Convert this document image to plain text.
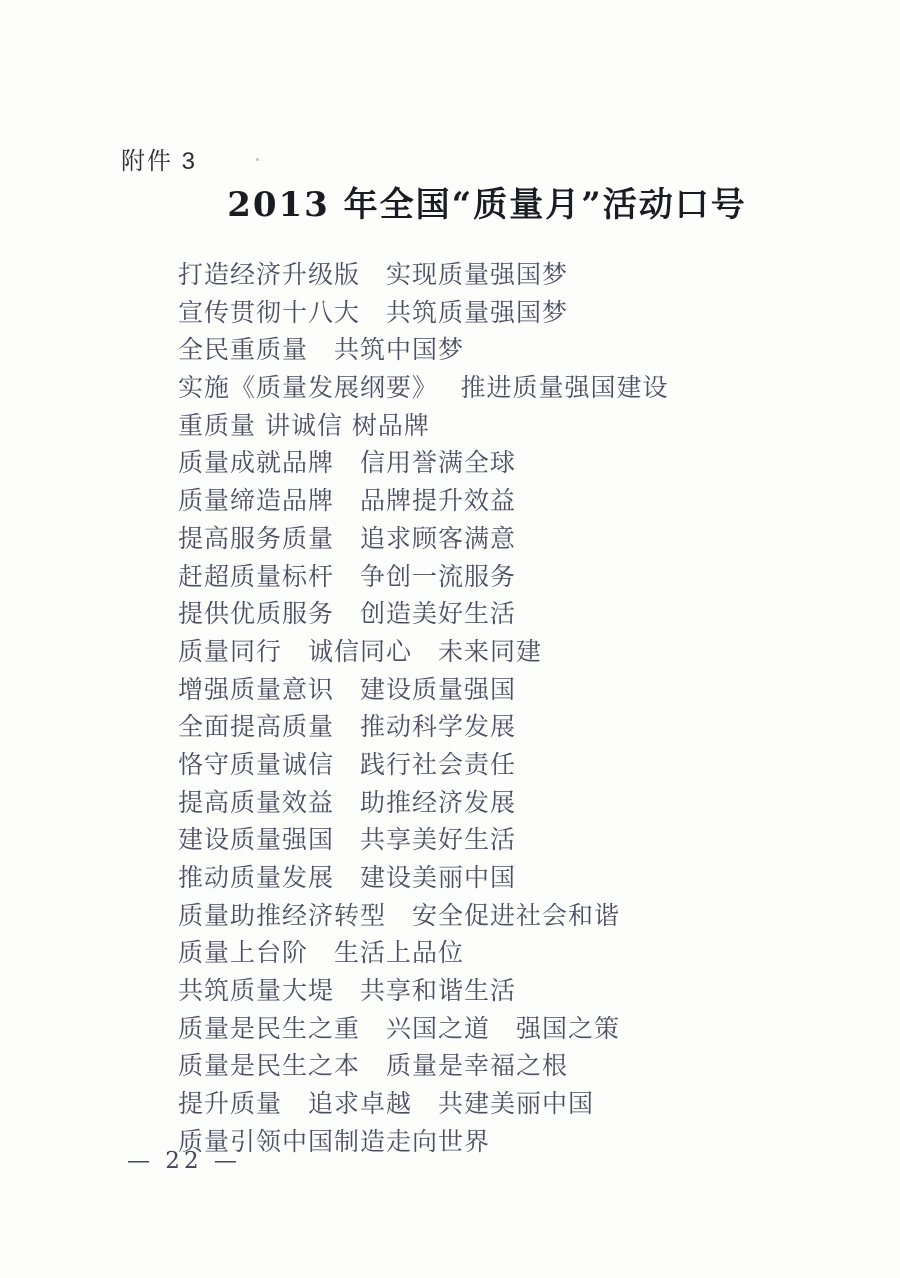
附件 3
2013 年全国“质量月”活动口号
打造经济升级版　实现质量强国梦
宣传贯彻十八大　共筑质量强国梦
全民重质量　共筑中国梦
实施《质量发展纲要》　 推进质量强国建设
重质量 讲诚信 树品牌
质量成就品牌　信用誉满全球
质量缔造品牌　品牌提升效益
提高服务质量　追求顾客满意
赶超质量标杆　争创一流服务
提供优质服务　创造美好生活
质量同行　诚信同心　未来同建
增强质量意识　建设质量强国
全面提高质量　推动科学发展
恪守质量诚信　践行社会责任
提高质量效益　助推经济发展
建设质量强国　共享美好生活
推动质量发展　建设美丽中国
质量助推经济转型　安全促进社会和谐
质量上台阶　生活上品位
共筑质量大堤　共享和谐生活
质量是民生之重　兴国之道　强国之策
质量是民生之本　质量是幸福之根
提升质量　追求卓越　共建美丽中国
质量引领中国制造走向世界
— 22 —
